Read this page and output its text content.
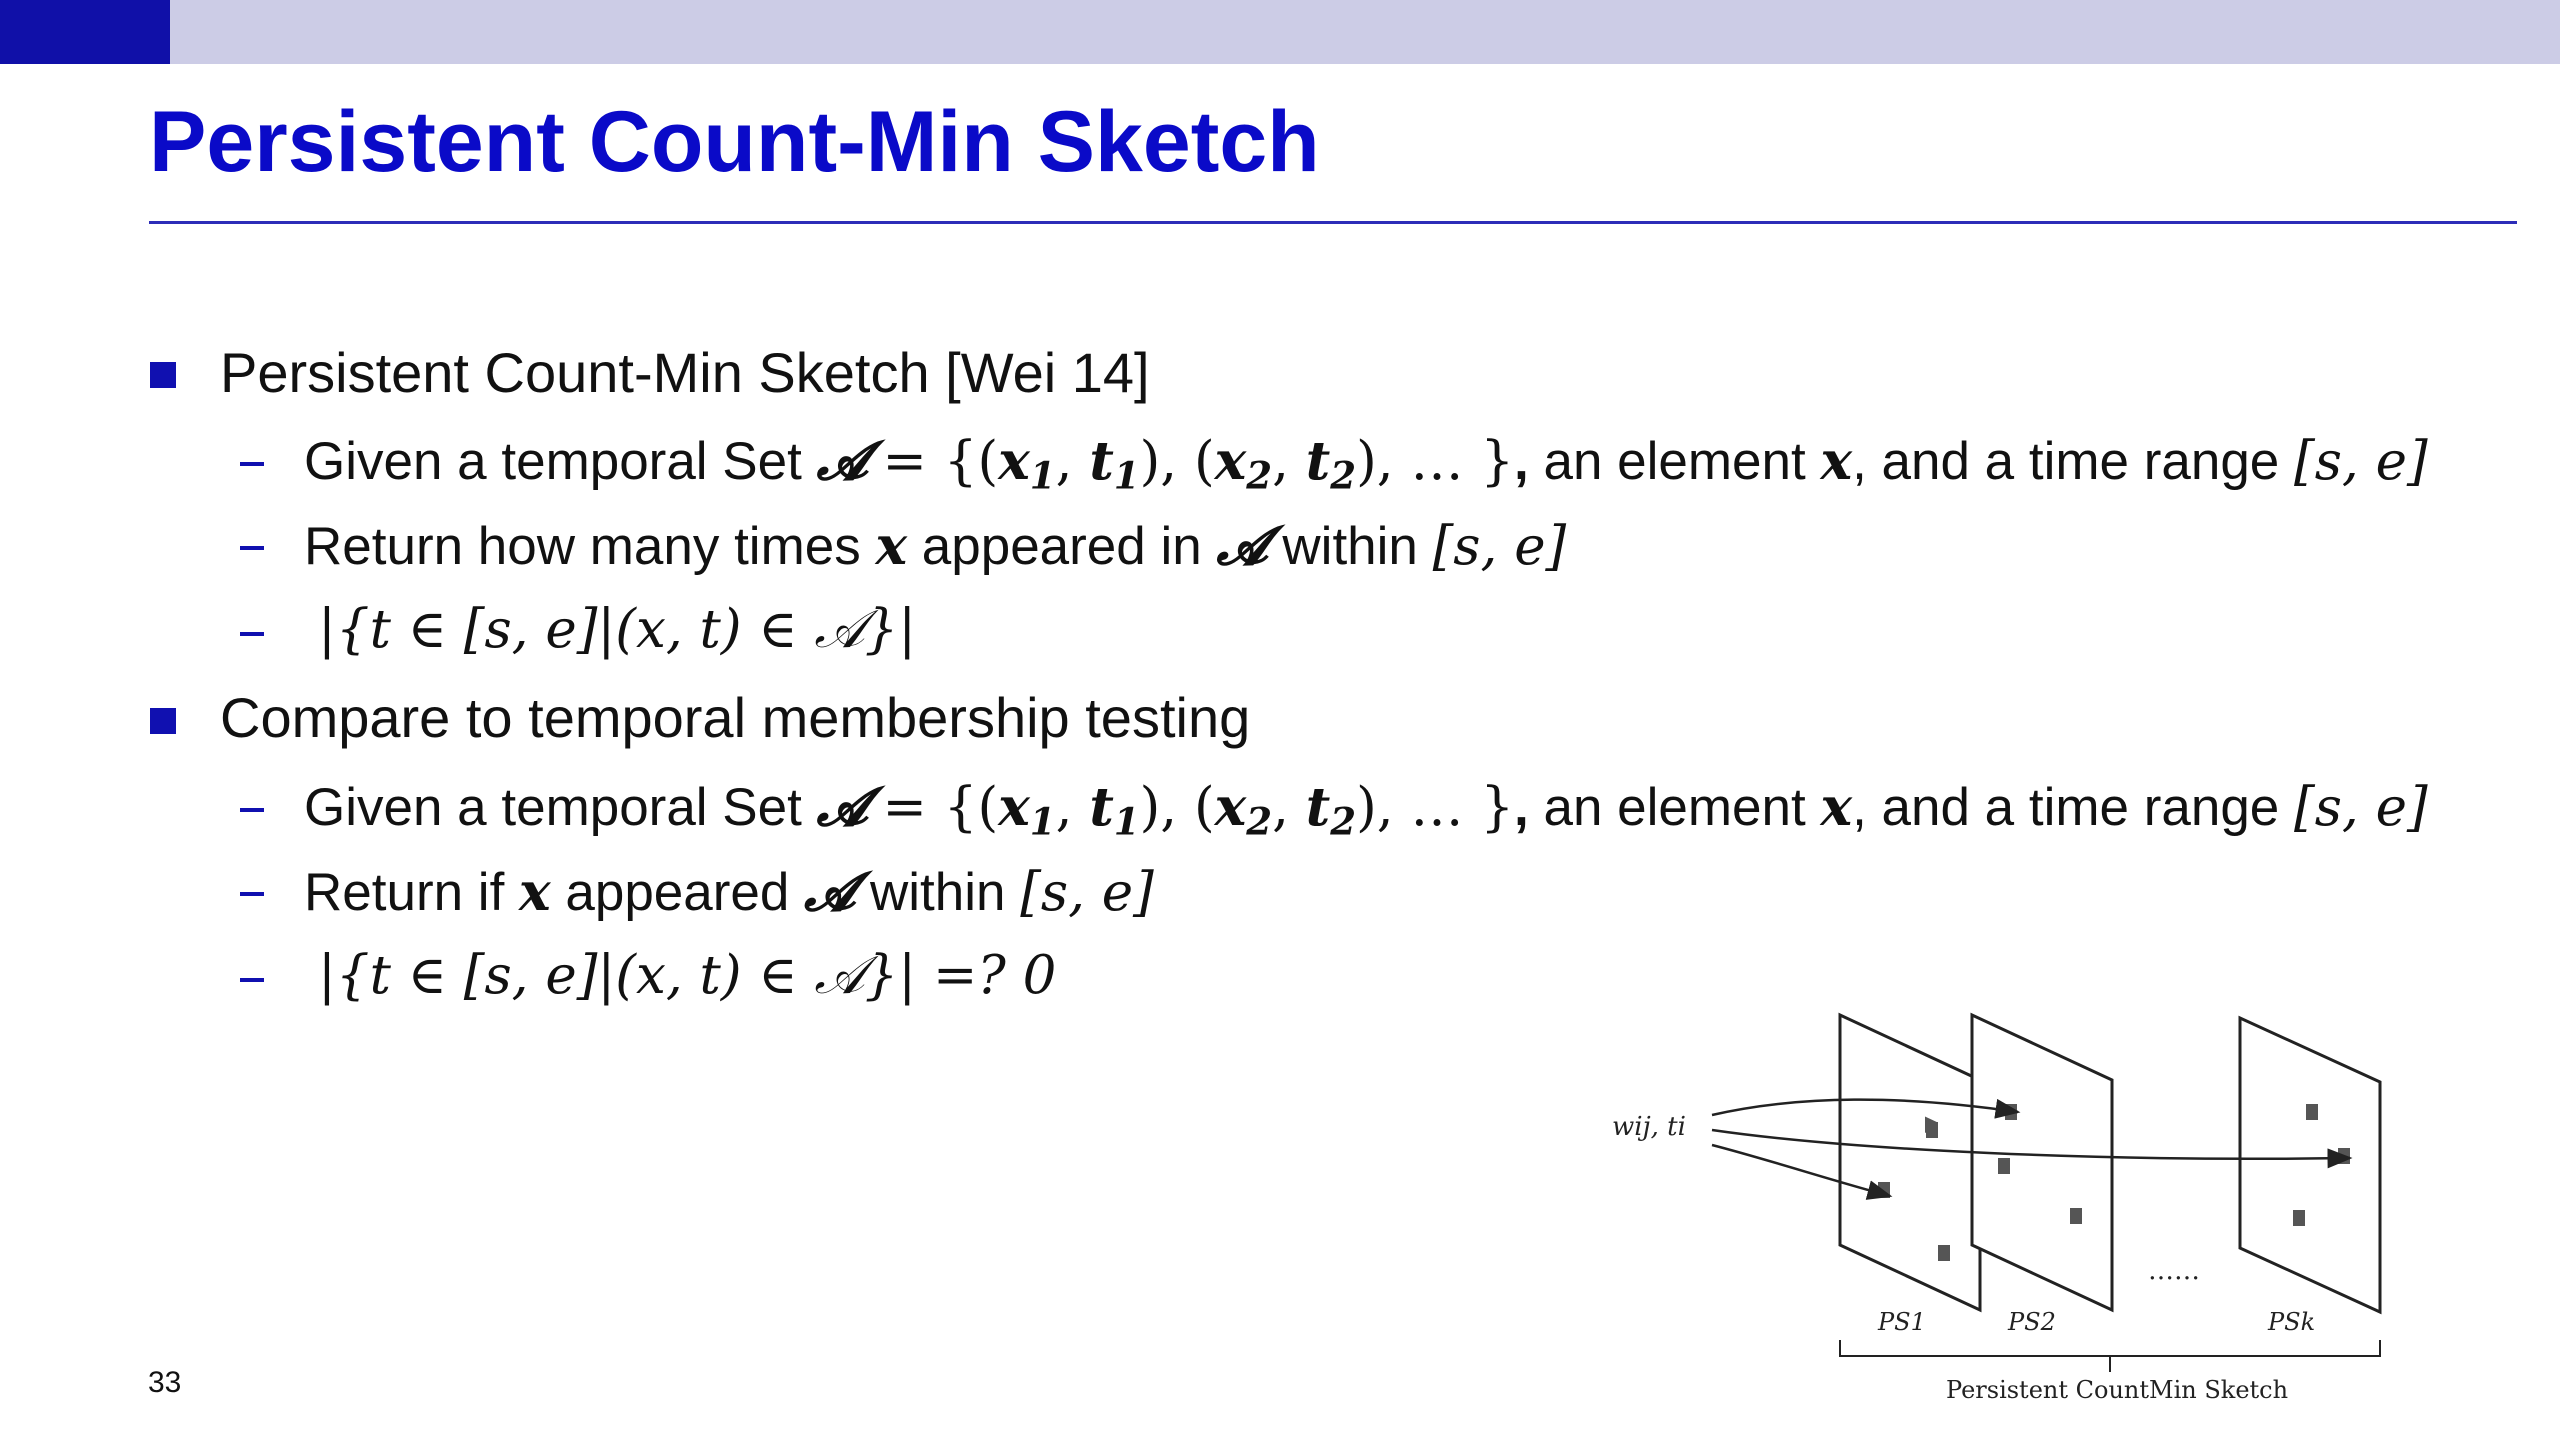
Persistent Count-Min Sketch
Persistent Count-Min Sketch [Wei 14]
Given a temporal Set 𝓐 = {($x_1$, $t_1$), ($x_2$, $t_2$), … }, an element x, and a time range [s, e]
Return how many times x appeared in 𝓐 within [s, e]
|{t ∈ [s, e]|(x, t) ∈ 𝒜}|
Compare to temporal membership testing
Given a temporal Set 𝓐 = {($x_1$, $t_1$), ($x_2$, $t_2$), … }, an element x, and a time range [s, e]
Return if x appeared 𝓐 within [s, e]
|{t ∈ [s, e]|(x, t) ∈ 𝒜}| =? 0
wij, ti
PS1	PS2	PSk
……
Persistent CountMin Sketch
33
